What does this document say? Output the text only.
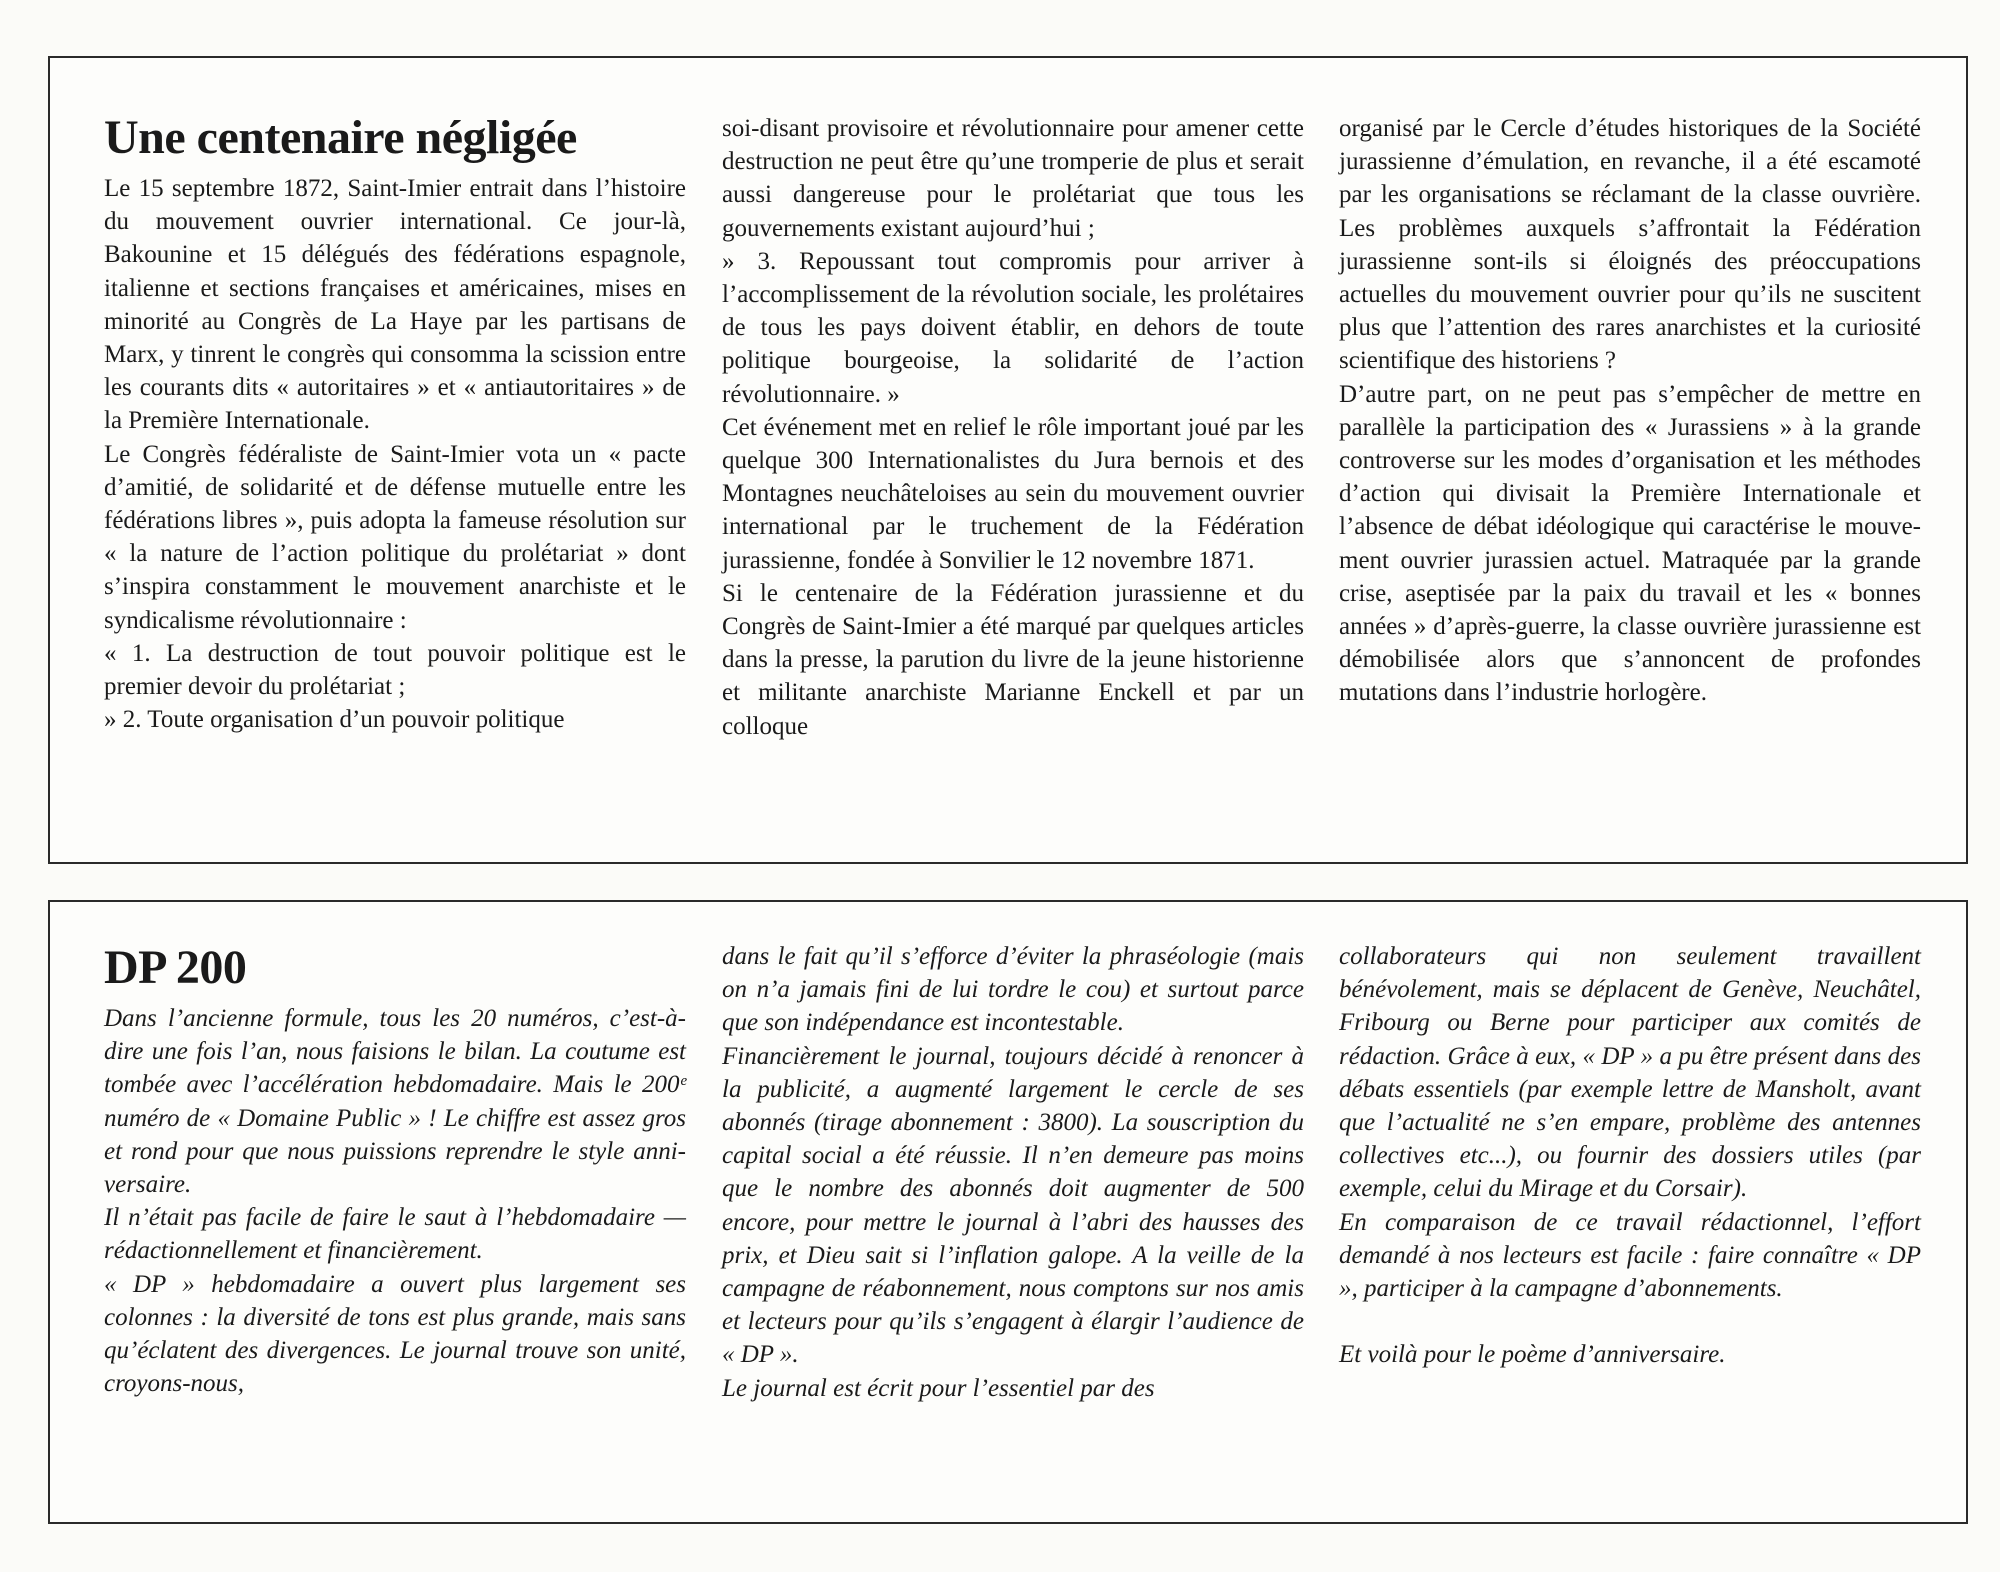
Une centenaire négligée

Le 15 septembre 1872, Saint-Imier entrait dans l’histoire du mouvement ouvrier international. Ce jour-là, Bakounine et 15 délégués des fédérations espagnole, italienne et sections françaises et américaines, mises en minorité au Congrès de La Haye par les partisans de Marx, y tinrent le congrès qui consomma la scission entre les courants dits « autoritaires » et « antiautoritaires » de la Première Internationale.

Le Congrès fédéraliste de Saint-Imier vota un « pacte d’amitié, de solidarité et de défense mutuelle entre les fédérations libres », puis adopta la fameuse résolution sur « la nature de l’action politique du prolétariat » dont s’inspira constamment le mouvement anarchiste et le syndicalisme révolutionnaire :

« 1. La destruction de tout pouvoir politique est le premier devoir du prolétariat ;

» 2. Toute organisation d’un pouvoir politique

soi-disant provisoire et révolutionnaire pour amener cette destruction ne peut être qu’une tromperie de plus et serait aussi dangereuse pour le prolétariat que tous les gouvernements existant aujourd’hui ;

» 3. Repoussant tout compromis pour arriver à l’accomplissement de la révolution sociale, les prolétaires de tous les pays doivent établir, en dehors de toute politique bourgeoise, la solidarité de l’action révolutionnaire. »

Cet événement met en relief le rôle important joué par les quelque 300 Internationalistes du Jura bernois et des Montagnes neuchâteloises au sein du mouvement ouvrier international par le truchement de la Fédération jurassienne, fondée à Sonvilier le 12 novembre 1871.

Si le centenaire de la Fédération jurassienne et du Congrès de Saint-Imier a été marqué par quelques articles dans la presse, la parution du livre de la jeune historienne et militante anarchiste Marianne Enckell et par un colloque

organisé par le Cercle d’études historiques de la Société jurassienne d’émulation, en revanche, il a été escamoté par les organisations se réclamant de la classe ouvrière. Les problèmes auxquels s’affrontait la Fédération jurassienne sont-ils si éloignés des préoccupations actuelles du mouvement ouvrier pour qu’ils ne suscitent plus que l’attention des rares anarchistes et la curiosité scientifique des historiens ?

D’autre part, on ne peut pas s’empêcher de mettre en parallèle la participation des « Jurassiens » à la grande controverse sur les modes d’organisation et les méthodes d’action qui divisait la Première Internationale et l’absence de débat idéologique qui caractérise le mouvement ouvrier jurassien actuel. Matraquée par la grande crise, aseptisée par la paix du travail et les « bonnes années » d’après-guerre, la classe ouvrière jurassienne est démobilisée alors que s’annoncent de profondes mutations dans l’industrie horlogère.

DP 200

Dans l’ancienne formule, tous les 20 numéros, c’est-à-dire une fois l’an, nous faisions le bilan. La coutume est tombée avec l’accélération hebdomadaire. Mais le 200ᵉ numéro de « Domaine Public » ! Le chiffre est assez gros et rond pour que nous puissions reprendre le style anniversaire.

Il n’était pas facile de faire le saut à l’hebdomadaire — rédactionnellement et financièrement.

« DP » hebdomadaire a ouvert plus largement ses colonnes : la diversité de tons est plus grande, mais sans qu’éclatent des divergences. Le journal trouve son unité, croyons-nous,

dans le fait qu’il s’efforce d’éviter la phraséologie (mais on n’a jamais fini de lui tordre le cou) et surtout parce que son indépendance est incontestable.

Financièrement le journal, toujours décidé à renoncer à la publicité, a augmenté largement le cercle de ses abonnés (tirage abonnement : 3800). La souscription du capital social a été réussie. Il n’en demeure pas moins que le nombre des abonnés doit augmenter de 500 encore, pour mettre le journal à l’abri des hausses des prix, et Dieu sait si l’inflation galope. A la veille de la campagne de réabonnement, nous comptons sur nos amis et lecteurs pour qu’ils s’engagent à élargir l’audience de « DP ».

Le journal est écrit pour l’essentiel par des

collaborateurs qui non seulement travaillent bénévolement, mais se déplacent de Genève, Neuchâtel, Fribourg ou Berne pour participer aux comités de rédaction. Grâce à eux, « DP » a pu être présent dans des débats essentiels (par exemple lettre de Mansholt, avant que l’actualité ne s’en empare, problème des antennes collectives etc...), ou fournir des dossiers utiles (par exemple, celui du Mirage et du Corsair).

En comparaison de ce travail rédactionnel, l’effort demandé à nos lecteurs est facile : faire connaître « DP », participer à la campagne d’abonnements.

Et voilà pour le poème d’anniversaire.
